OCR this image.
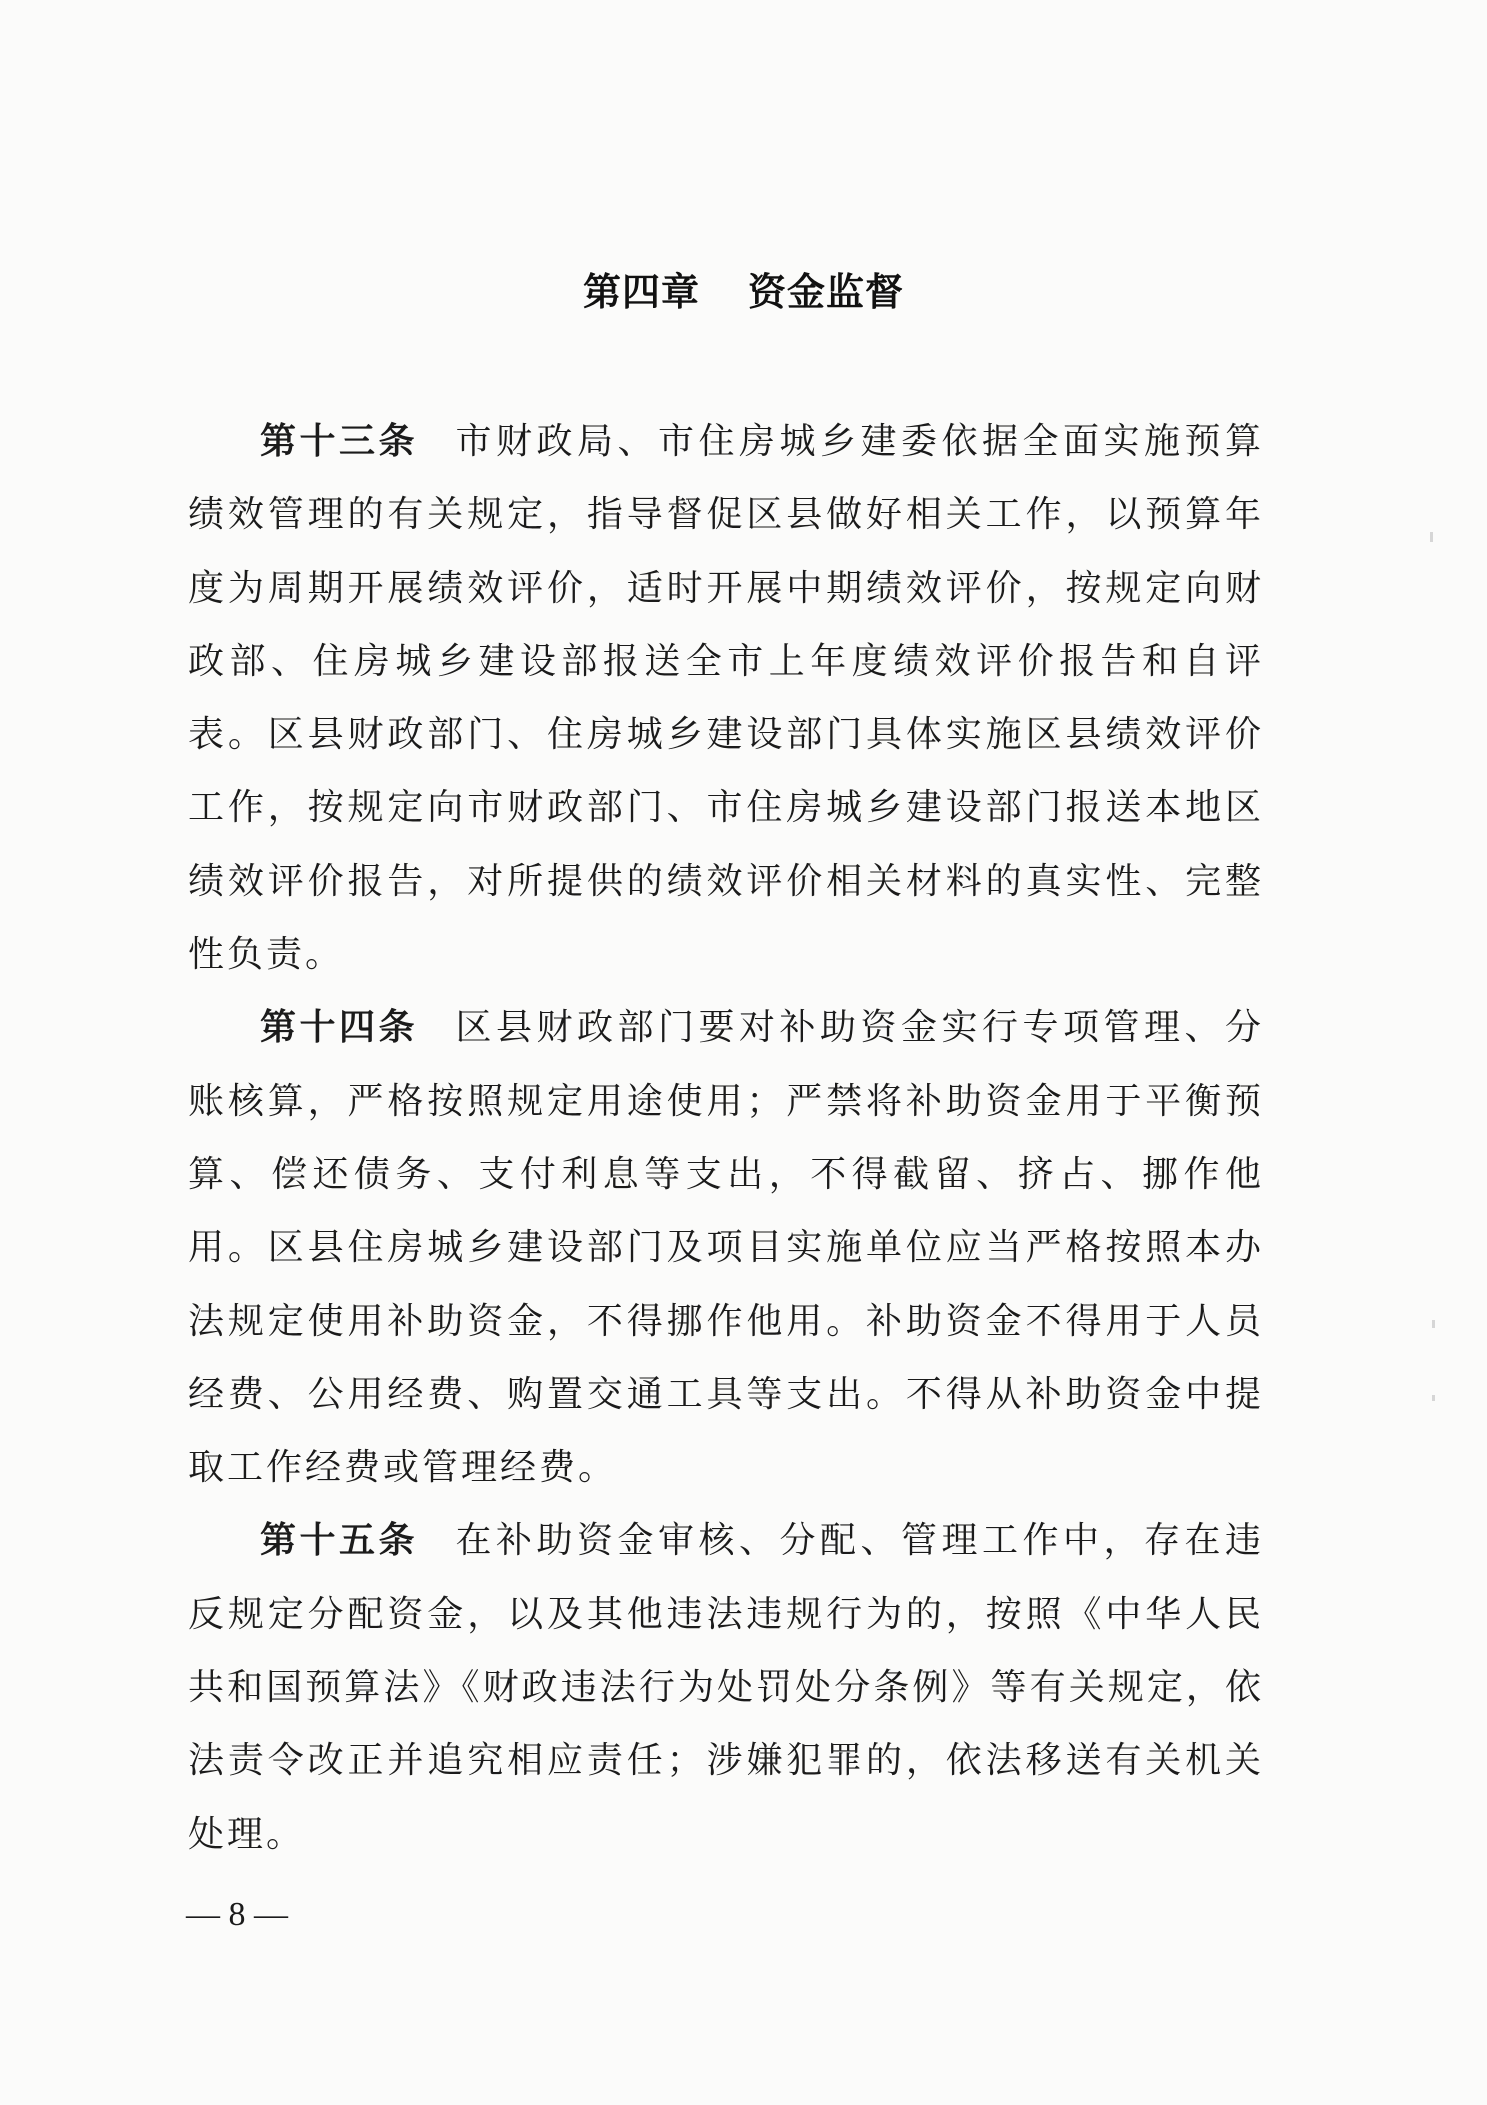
第四章 资金监督

第十三条 市财政局、市住房城乡建委依据全面实施预算绩效管理的有关规定，指导督促区县做好相关工作，以预算年度为周期开展绩效评价，适时开展中期绩效评价，按规定向财政部、住房城乡建设部报送全市上年度绩效评价报告和自评表。区县财政部门、住房城乡建设部门具体实施区县绩效评价工作，按规定向市财政部门、市住房城乡建设部门报送本地区绩效评价报告，对所提供的绩效评价相关材料的真实性、完整性负责。

第十四条 区县财政部门要对补助资金实行专项管理、分账核算，严格按照规定用途使用；严禁将补助资金用于平衡预算、偿还债务、支付利息等支出，不得截留、挤占、挪作他用。区县住房城乡建设部门及项目实施单位应当严格按照本办法规定使用补助资金，不得挪作他用。补助资金不得用于人员经费、公用经费、购置交通工具等支出。不得从补助资金中提取工作经费或管理经费。

第十五条 在补助资金审核、分配、管理工作中，存在违反规定分配资金，以及其他违法违规行为的，按照《中华人民共和国预算法》《财政违法行为处罚处分条例》等有关规定，依法责令改正并追究相应责任；涉嫌犯罪的，依法移送有关机关处理。

— 8 —
